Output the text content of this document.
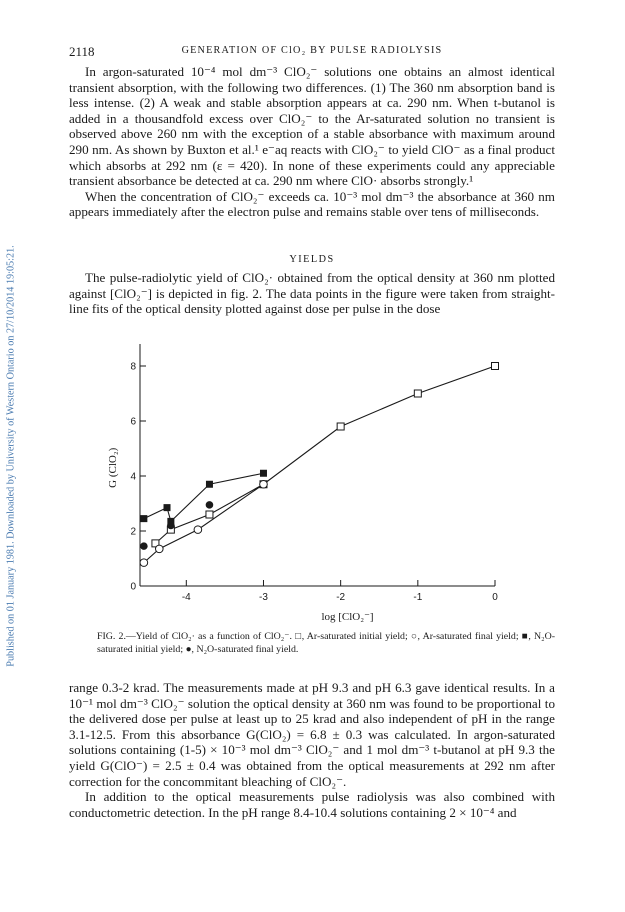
Published on 01 January 1981. Downloaded by University of Western Ontario on 27/10/2014 19:05:21.
2118	GENERATION OF ClO₂ BY PULSE RADIOLYSIS

In argon-saturated 10⁻⁴ mol dm⁻³ ClO₂⁻ solutions one obtains an almost identical transient absorption, with the following two differences. (1) The 360 nm absorption band is less intense. (2) A weak and stable absorption appears at ca. 290 nm. When t-butanol is added in a thousandfold excess over ClO₂⁻ to the Ar-saturated solution no transient is observed above 260 nm with the exception of a stable absorbance with maximum around 290 nm. As shown by Buxton et al.¹ e⁻aq reacts with ClO₂⁻ to yield ClO⁻ as a final product which absorbs at 292 nm (ε = 420). In none of these experiments could any appreciable transient absorbance be detected at ca. 290 nm where ClO· absorbs strongly.¹

When the concentration of ClO₂⁻ exceeds ca. 10⁻³ mol dm⁻³ the absorbance at 360 nm appears immediately after the electron pulse and remains stable over tens of milliseconds.

YIELDS

The pulse-radiolytic yield of ClO₂· obtained from the optical density at 360 nm plotted against [ClO₂⁻] is depicted in fig. 2. The data points in the figure were taken from straight-line fits of the optical density plotted against dose per pulse in the dose

0
2
4
6
8
-4	-3	-2	-1	0
log [ClO₂⁻]
G (ClO₂)
FIG. 2.—Yield of ClO₂· as a function of ClO₂⁻. □, Ar-saturated initial yield; ○, Ar-saturated final yield; ■, N₂O-saturated initial yield; ●, N₂O-saturated final yield.

range 0.3-2 krad. The measurements made at pH 9.3 and pH 6.3 gave identical results. In a 10⁻¹ mol dm⁻³ ClO₂⁻ solution the optical density at 360 nm was found to be proportional to the delivered dose per pulse at least up to 25 krad and also independent of pH in the range 3.1-12.5. From this absorbance G(ClO₂) = 6.8 ± 0.3 was calculated. In argon-saturated solutions containing (1-5) × 10⁻³ mol dm⁻³ ClO₂⁻ and 1 mol dm⁻³ t-butanol at pH 9.3 the yield G(ClO⁻) = 2.5 ± 0.4 was obtained from the optical measurements at 292 nm after correction for the concommitant bleaching of ClO₂⁻.

In addition to the optical measurements pulse radiolysis was also combined with conductometric detection. In the pH range 8.4-10.4 solutions containing 2 × 10⁻⁴ and
